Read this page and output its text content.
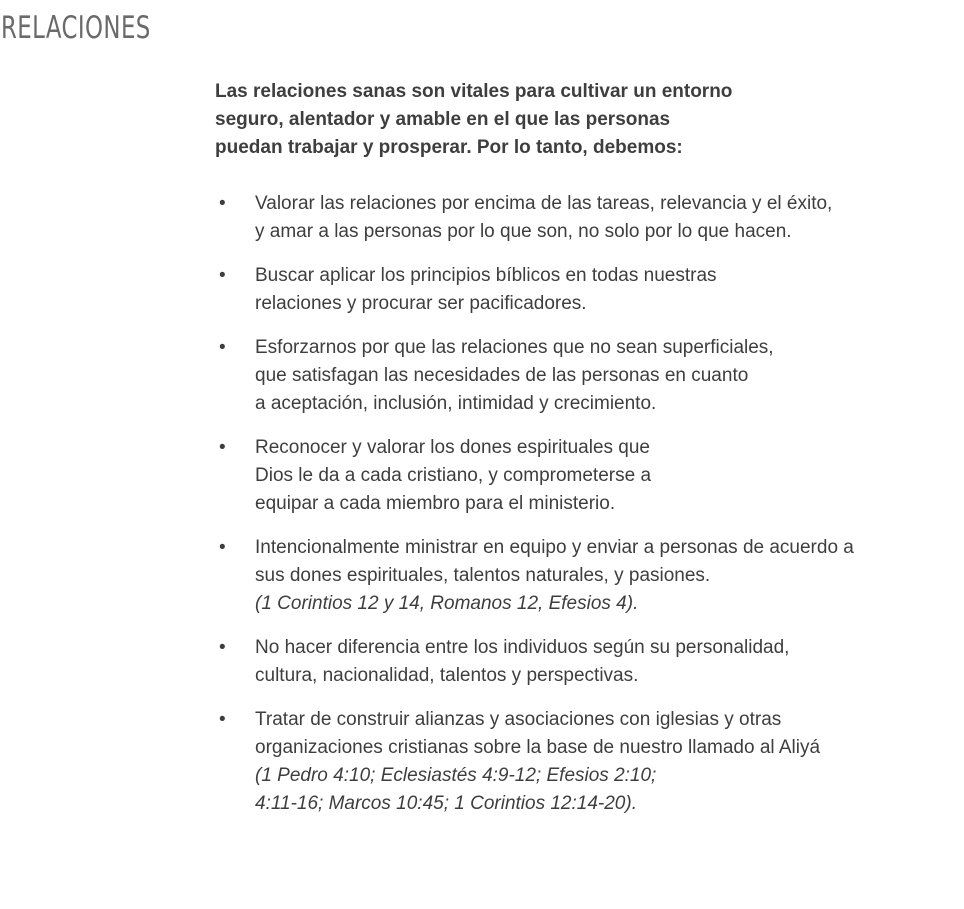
RELACIONES

Las relaciones sanas son vitales para cultivar un entorno
seguro, alentador y amable en el que las personas
puedan trabajar y prosperar. Por lo tanto, debemos:

• Valorar las relaciones por encima de las tareas, relevancia y el éxito,
y amar a las personas por lo que son, no solo por lo que hacen.
• Buscar aplicar los principios bíblicos en todas nuestras
relaciones y procurar ser pacificadores.
• Esforzarnos por que las relaciones que no sean superficiales,
que satisfagan las necesidades de las personas en cuanto
a aceptación, inclusión, intimidad y crecimiento.
• Reconocer y valorar los dones espirituales que
Dios le da a cada cristiano, y comprometerse a
equipar a cada miembro para el ministerio.
• Intencionalmente ministrar en equipo y enviar a personas de acuerdo a
sus dones espirituales, talentos naturales, y pasiones.
(1 Corintios 12 y 14, Romanos 12, Efesios 4).
• No hacer diferencia entre los individuos según su personalidad,
cultura, nacionalidad, talentos y perspectivas.
• Tratar de construir alianzas y asociaciones con iglesias y otras
organizaciones cristianas sobre la base de nuestro llamado al Aliyá
(1 Pedro 4:10; Eclesiastés 4:9-12; Efesios 2:10;
4:11-16; Marcos 10:45; 1 Corintios 12:14-20).
